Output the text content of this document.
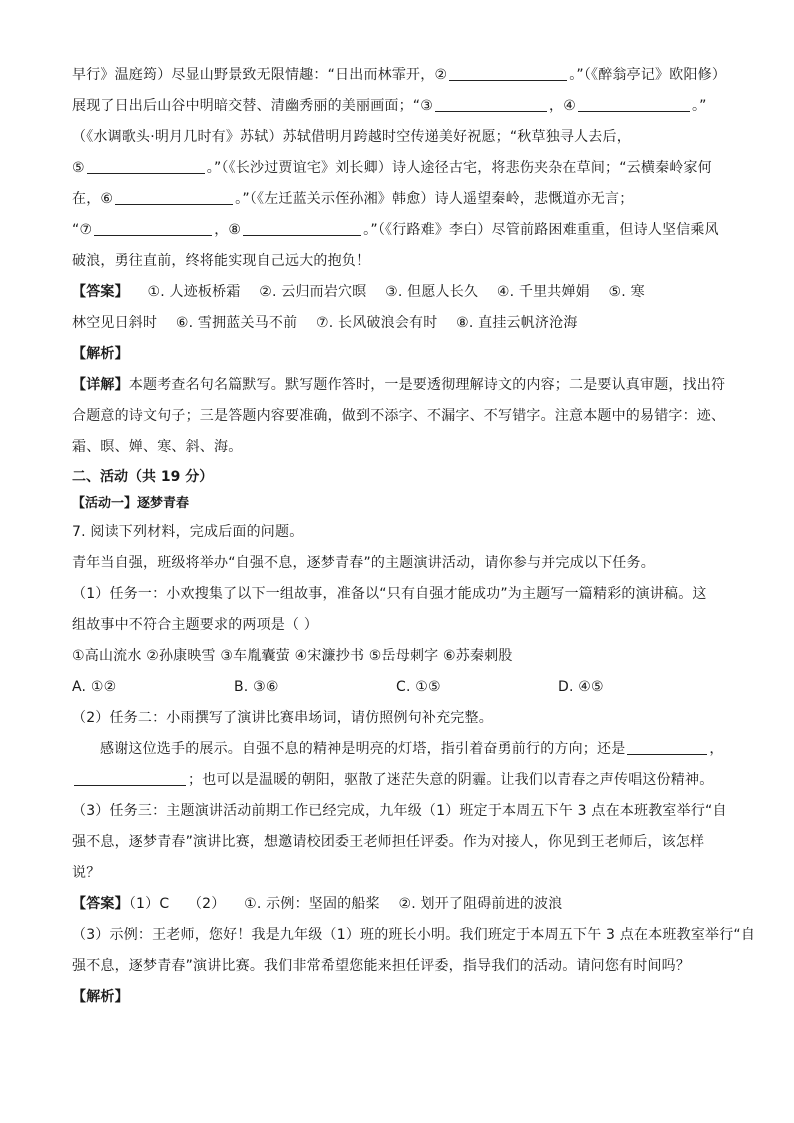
早行》温庭筠）尽显山野景致无限情趣：“日出而林霏开，②	。”（《醉翁亭记》欧阳修）
展现了日出后山谷中明暗交替、清幽秀丽的美丽画面；“③	，④	。”
（《水调歌头·明月几时有》苏轼）苏轼借明月跨越时空传递美好祝愿；“秋草独寻人去后，
⑤	。”（《长沙过贾谊宅》刘长卿）诗人途径古宅，将悲伤夹杂在草间；“云横秦岭家何
在，⑥	。”（《左迁蓝关示侄孙湘》韩愈）诗人遥望秦岭，悲慨道亦无言；
“⑦	，⑧	。”（《行路难》李白）尽管前路困难重重，但诗人坚信乘风
破浪，勇往直前，终将能实现自己远大的抱负！
【答案】 ①. 人迹板桥霜 ②. 云归而岩穴暝 ③. 但愿人长久 ④. 千里共婵娟 ⑤. 寒
林空见日斜时 ⑥. 雪拥蓝关马不前 ⑦. 长风破浪会有时 ⑧. 直挂云帆济沧海
【解析】
【详解】本题考查名句名篇默写。默写题作答时，一是要透彻理解诗文的内容；二是要认真审题，找出符
合题意的诗文句子；三是答题内容要准确，做到不添字、不漏字、不写错字。注意本题中的易错字：迹、
霜、暝、婵、寒、斜、海。
二、活动（共 19 分）
【活动一】逐梦青春
7. 阅读下列材料，完成后面的问题。
青年当自强，班级将举办“自强不息，逐梦青春”的主题演讲活动，请你参与并完成以下任务。
（1）任务一：小欢搜集了以下一组故事，准备以“只有自强才能成功”为主题写一篇精彩的演讲稿。这
组故事中不符合主题要求的两项是（ ）
①高山流水 ②孙康映雪 ③车胤囊萤 ④宋濂抄书 ⑤岳母刺字 ⑥苏秦刺股
A. ①②	B. ③⑥	C. ①⑤	D. ④⑤
（2）任务二：小雨撰写了演讲比赛串场词，请仿照例句补充完整。
感谢这位选手的展示。自强不息的精神是明亮的灯塔，指引着奋勇前行的方向；还是	，
；也可以是温暖的朝阳，驱散了迷茫失意的阴霾。让我们以青春之声传唱这份精神。
（3）任务三：主题演讲活动前期工作已经完成，九年级（1）班定于本周五下午 3 点在本班教室举行“自
强不息，逐梦青春”演讲比赛，想邀请校团委王老师担任评委。作为对接人，你见到王老师后，该怎样
说？
【答案】（1）C （2） ①. 示例：坚固的船桨 ②. 划开了阻碍前进的波浪
（3）示例：王老师，您好！我是九年级（1）班的班长小明。我们班定于本周五下午 3 点在本班教室举行“自
强不息，逐梦青春”演讲比赛。我们非常希望您能来担任评委，指导我们的活动。请问您有时间吗？
【解析】
